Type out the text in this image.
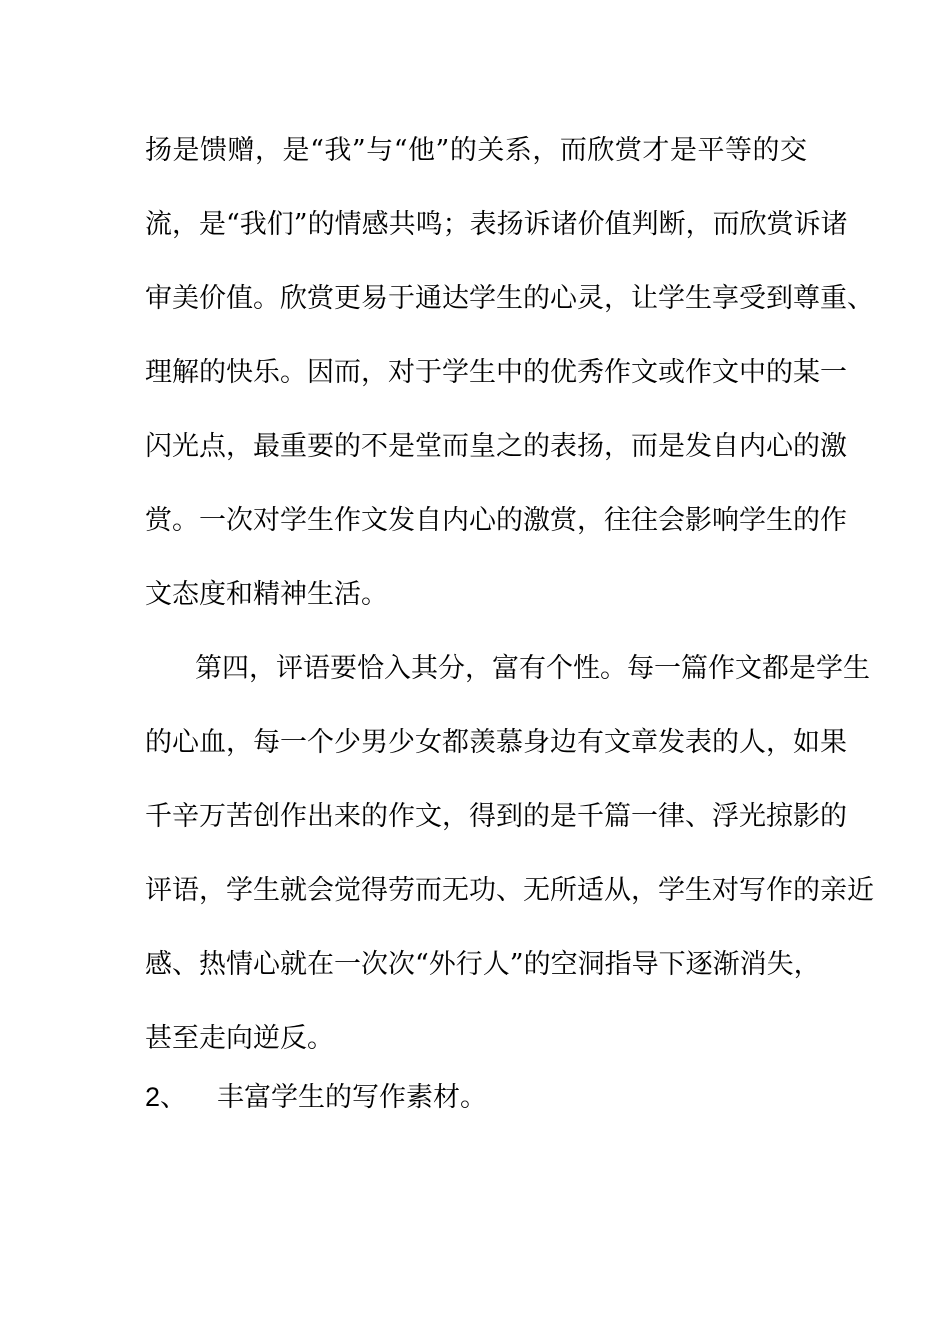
扬是馈赠，是“我”与“他”的关系，而欣赏才是平等的交
流，是“我们”的情感共鸣；表扬诉诸价值判断，而欣赏诉诸
审美价值。欣赏更易于通达学生的心灵，让学生享受到尊重、
理解的快乐。因而，对于学生中的优秀作文或作文中的某一
闪光点，最重要的不是堂而皇之的表扬，而是发自内心的激
赏。一次对学生作文发自内心的激赏，往往会影响学生的作
文态度和精神生活。
第四，评语要恰入其分，富有个性。每一篇作文都是学生
的心血，每一个少男少女都羡慕身边有文章发表的人，如果
千辛万苦创作出来的作文，得到的是千篇一律、浮光掠影的
评语，学生就会觉得劳而无功、无所适从，学生对写作的亲近
感、热情心就在一次次“外行人”的空洞指导下逐渐消失，
甚至走向逆反。
2、 丰富学生的写作素材。
